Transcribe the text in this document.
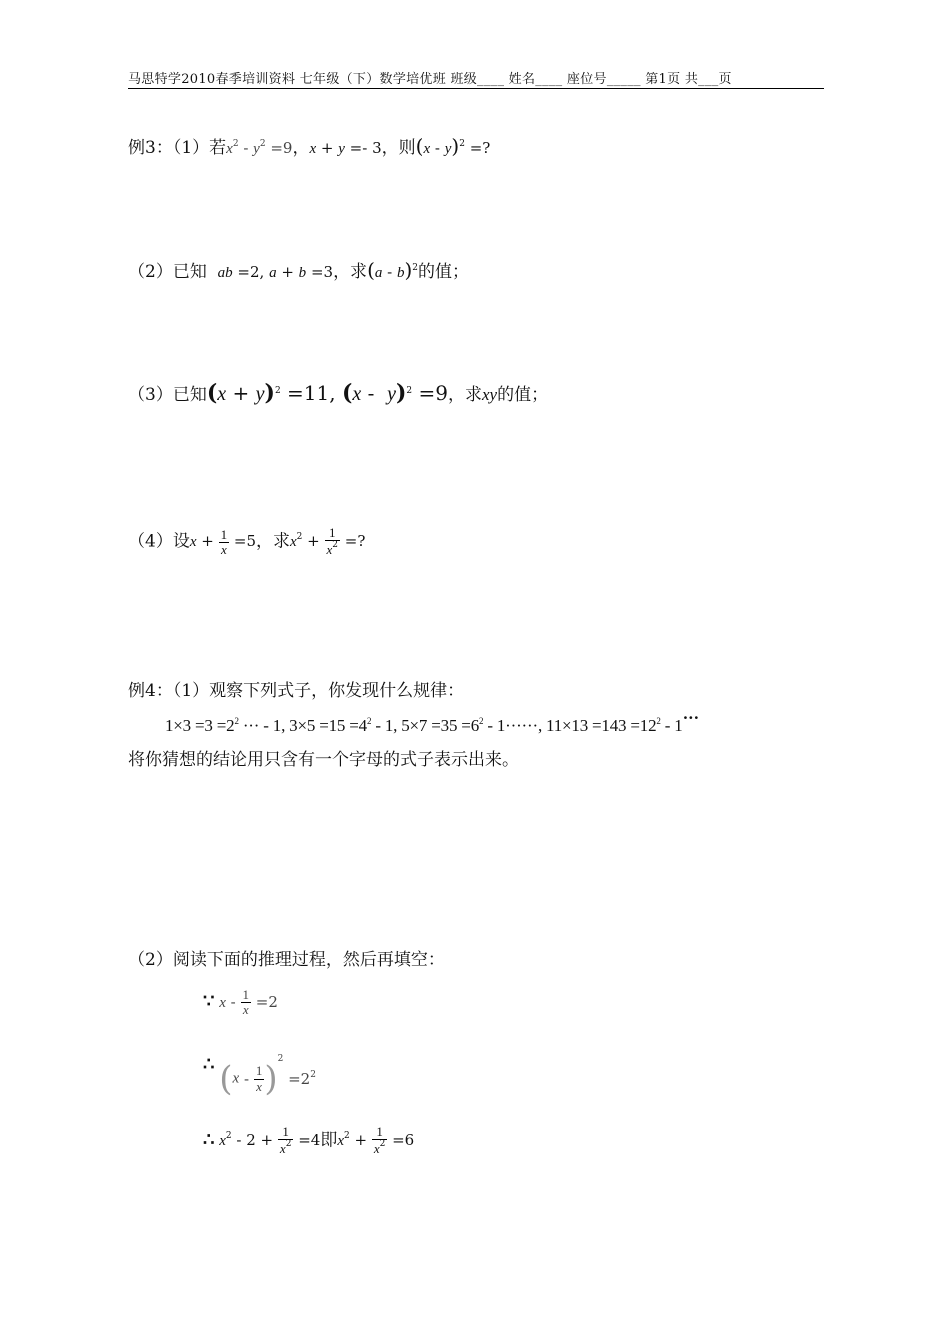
马思特学2010春季培训资料 七年级（下）数学培优班 班级____ 姓名____ 座位号_____ 第1页 共___页
例3：（1）若$x^2 - y^2 =9$，x + y =- 3，则(x - y)$^2$ =?
（2）已知 ab =2, a + b =3，求(a - b)$^2$的值；
（3）已知$(x + y)^2 =11$, (x -  y)$^2$ =9，求xy的值；
（4）设$x + \frac{1}{x} =5$，求$x^2 + \frac{1}{x^2}$ =?
例4：（1）观察下列式子，你发现什么规律：
$1\times 3 =3 =2^2$ ··· - 1, $3\times 5 =15 =4^2 - 1$, $5\times 7 =35 =6^2 - 1\cdot\cdot\cdot\cdot\cdot\cdot$, $11\times 13 =143 =12^2 - 1\cdot\cdot\cdot$
将你猜想的结论用只含有一个字母的式子表示出来。
（2）阅读下面的推理过程，然后再填空：
∵ $x - \frac{1}{x} =2$
∴ $(x - \frac{1}{x} )^2 =2^2$
∴ $x^2 - 2 + \frac{1}{x^2} =4$即$x^2 + \frac{1}{x^2} =6$
